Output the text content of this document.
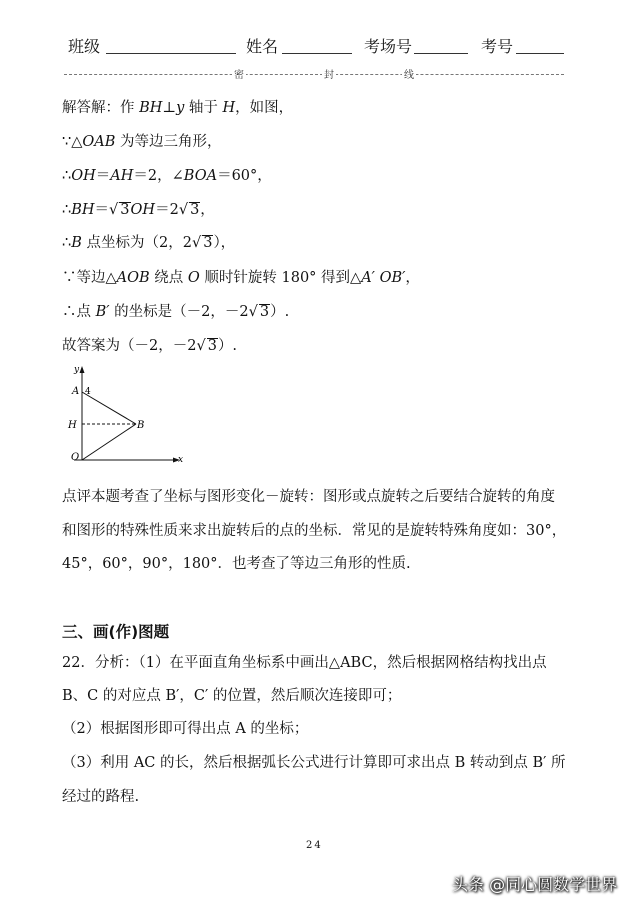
班级	姓名	考场号	考号
密	封	线
解答解：作 BH⊥y 轴于 H，如图，
∵△OAB 为等边三角形，
∴OH＝AH＝2，∠BOA＝60°，
∴BH＝√ 3OH＝2√ 3，
∴B 点坐标为（2，2√ 3），
∵等边△AOB 绕点 O 顺时针旋转 180° 得到△A′ OB′，
∴点 B′ 的坐标是（－2，－2√ 3）.
故答案为（－2，－2√ 3）.
y
A 4
H	B
O	x
点评本题考查了坐标与图形变化－旋转：图形或点旋转之后要结合旋转的角度
和图形的特殊性质来求出旋转后的点的坐标．常见的是旋转特殊角度如：30°，
45°，60°，90°，180°．也考查了等边三角形的性质.
三、画(作)图题
22．分析：（1）在平面直角坐标系中画出△ABC，然后根据网格结构找出点
B、C 的对应点 B′，C′ 的位置，然后顺次连接即可；
（2）根据图形即可得出点 A 的坐标；
（3）利用 AC 的长，然后根据弧长公式进行计算即可求出点 B 转动到点 B′ 所
经过的路程.
24
头条 @同心圆数学世界
